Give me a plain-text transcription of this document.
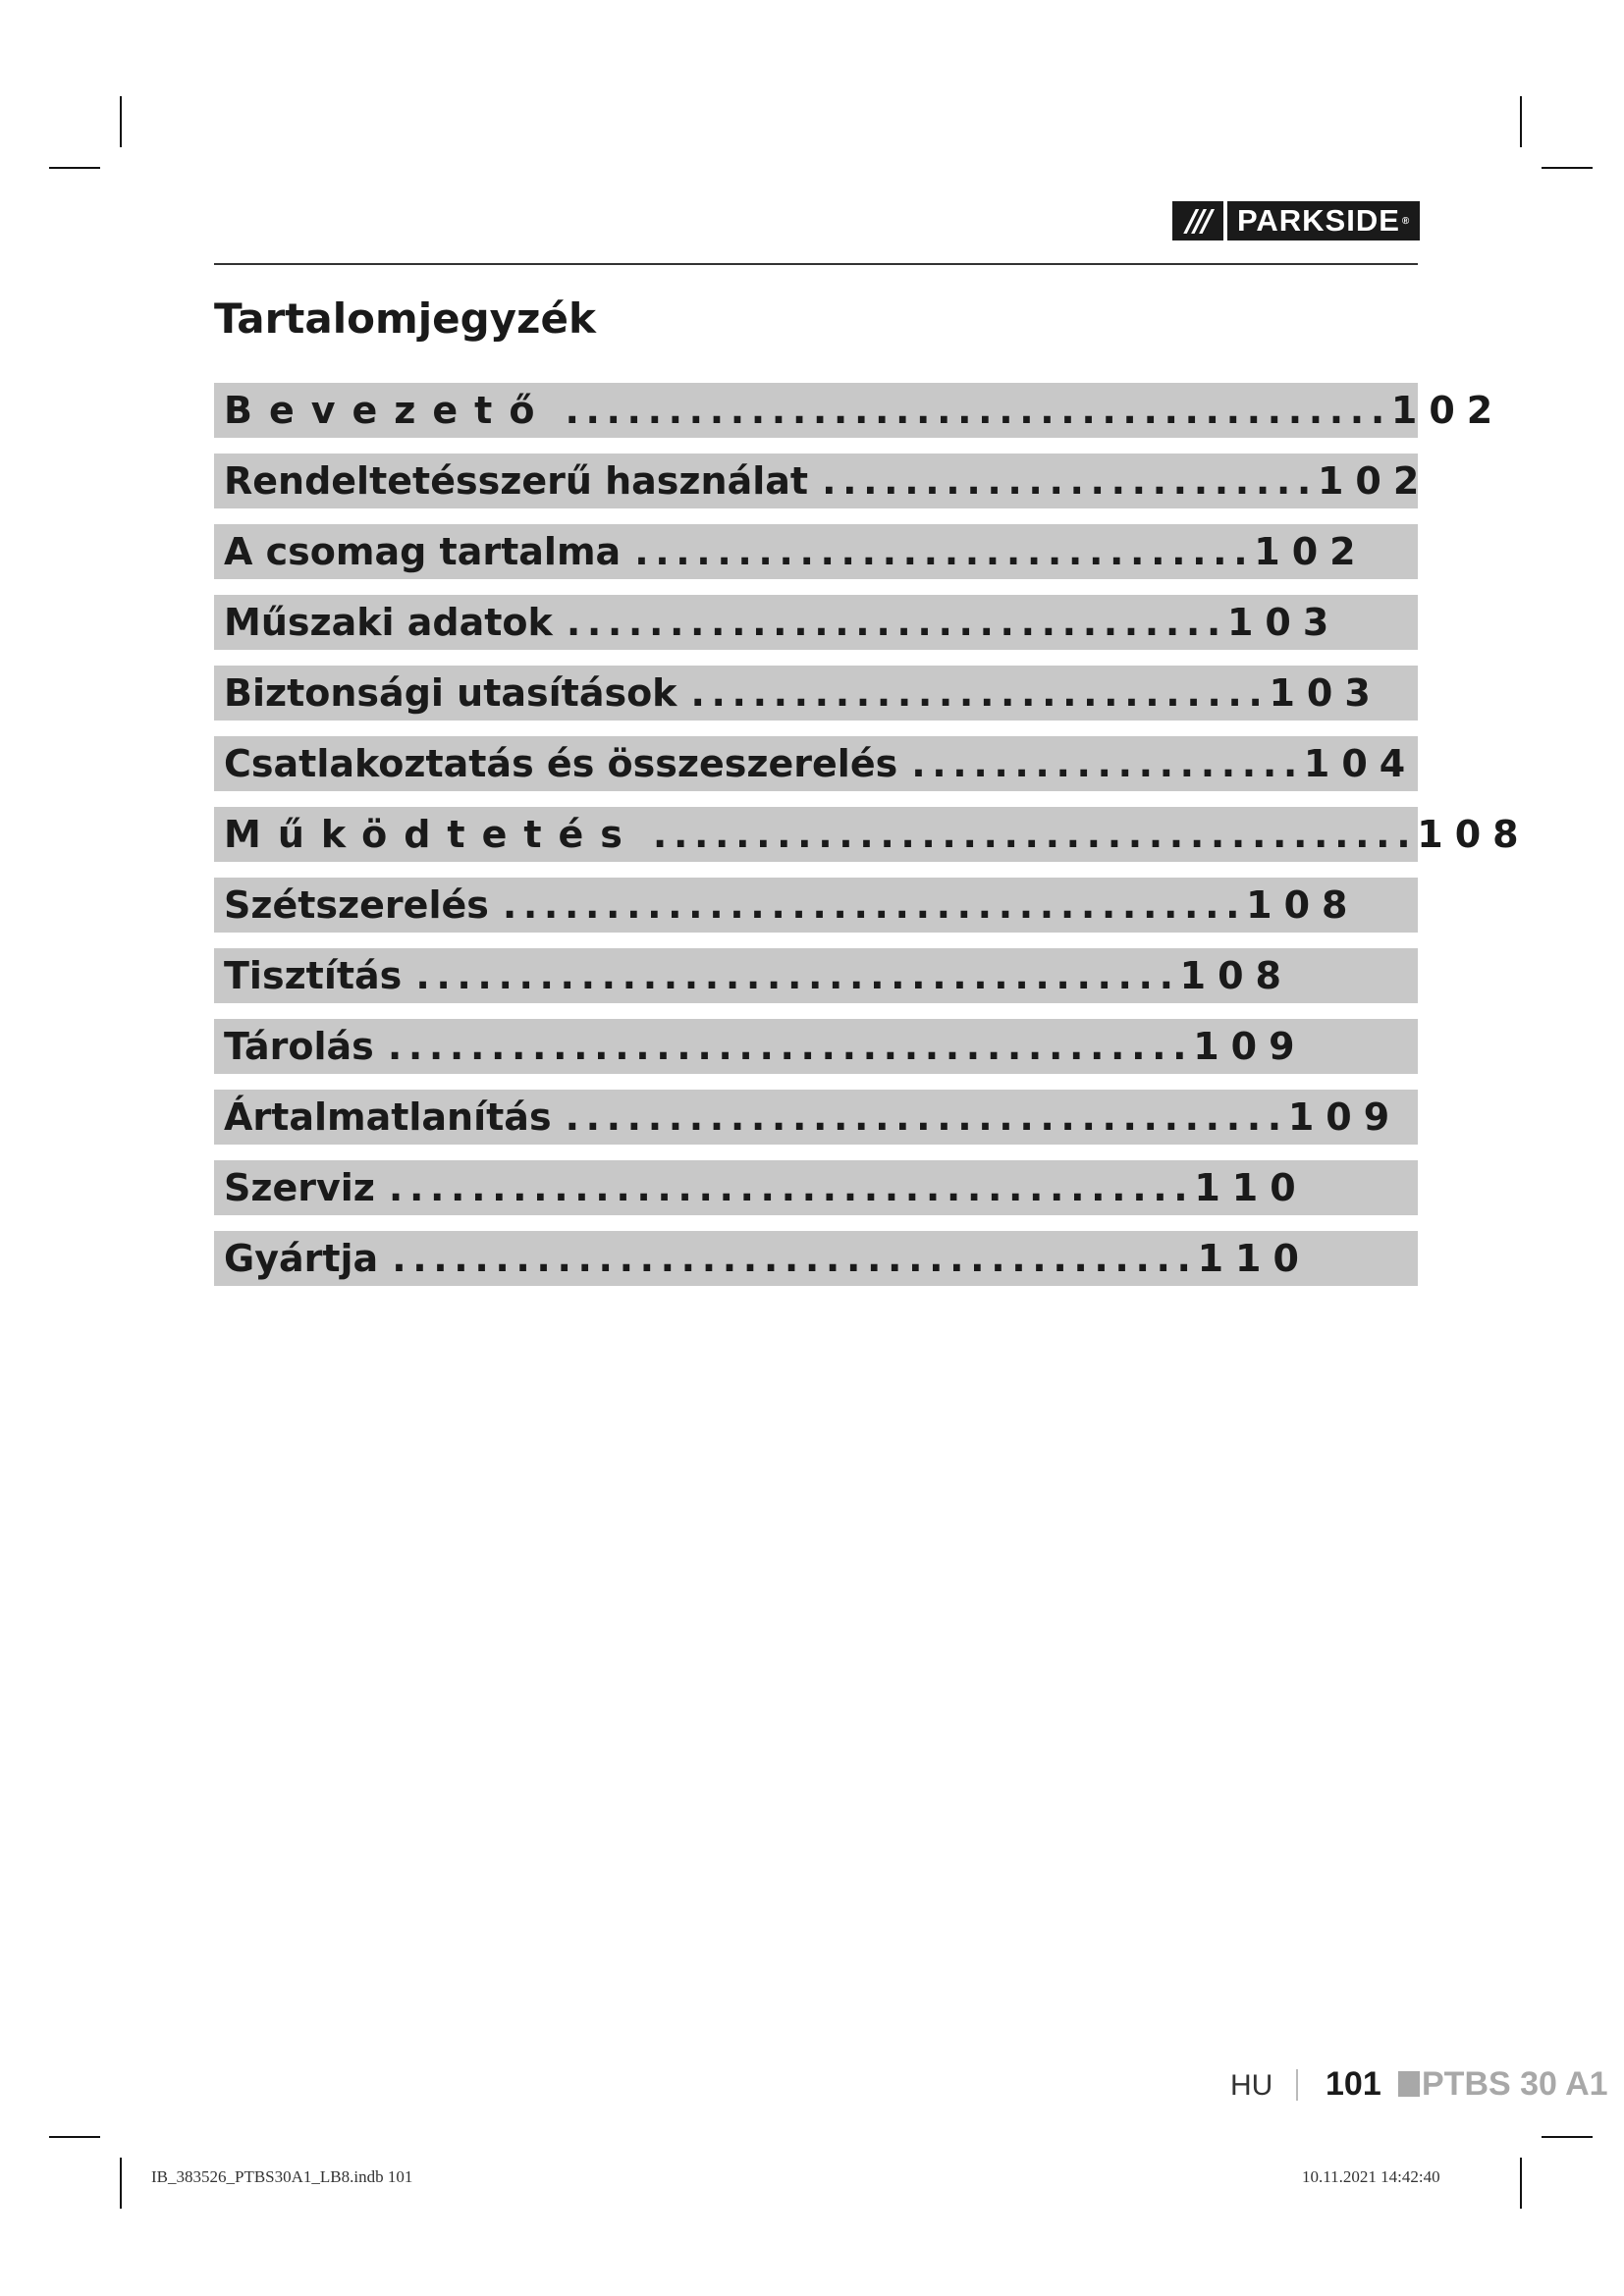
/// PARKSIDE ®
Tartalomjegyzék
Bevezető ........................................ 102
Rendeltetésszerű használat ........................ 102
A csomag tartalma .............................. 102
Műszaki adatok ................................ 103
Biztonsági utasítások ............................ 103
Csatlakoztatás és összeszerelés ................... 104
Működtetés ..................................... 108
Szétszerelés .................................... 108
Tisztítás ..................................... 108
Tárolás ....................................... 109
Ártalmatlanítás ................................... 109
Szerviz ....................................... 110
Gyártja ....................................... 110
HU 101 PTBS 30 A1
IB_383526_PTBS30A1_LB8.indb 101	10.11.2021 14:42:40
